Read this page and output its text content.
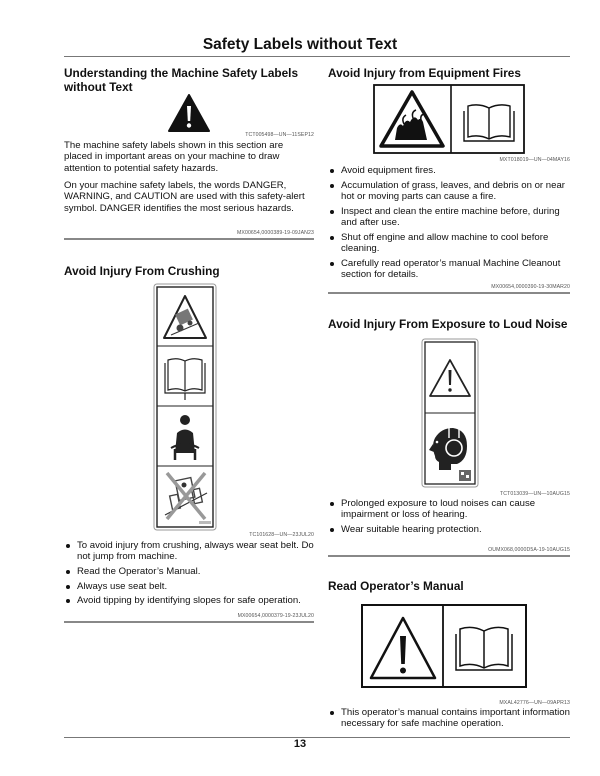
Safety Labels without Text
Understanding the Machine Safety Labels without Text
TCT005498—UN—11SEP12

The machine safety labels shown in this section are placed in important areas on your machine to draw attention to potential safety hazards.

On your machine safety labels, the words DANGER, WARNING, and CAUTION are used with this safety-alert symbol. DANGER identifies the most serious hazards.

MX00654,0000389-19-09JAN23
Avoid Injury From Crushing
TC101628—UN—23JUL20
To avoid injury from crushing, always wear seat belt. Do not jump from machine.
Read the Operator’s Manual.
Always use seat belt.
Avoid tipping by identifying slopes for safe operation.
MX00654,0000379-19-23JUL20
Avoid Injury from Equipment Fires
MXT018019—UN—04MAY16
Avoid equipment fires.
Accumulation of grass, leaves, and debris on or near hot or moving parts can cause a fire.
Inspect and clean the entire machine before, during and after use.
Shut off engine and allow machine to cool before cleaning.
Carefully read operator’s manual Machine Cleanout section for details.
MX00654,0000390-19-30MAR20
Avoid Injury From Exposure to Loud Noise
TCT013039—UN—10AUG15
Prolonged exposure to loud noises can cause impairment or loss of hearing.
Wear suitable hearing protection.
OUMX068,0000D5A-19-10AUG15
Read Operator’s Manual
MXAL42776—UN—09APR13
This operator’s manual contains important information necessary for safe machine operation.
13
